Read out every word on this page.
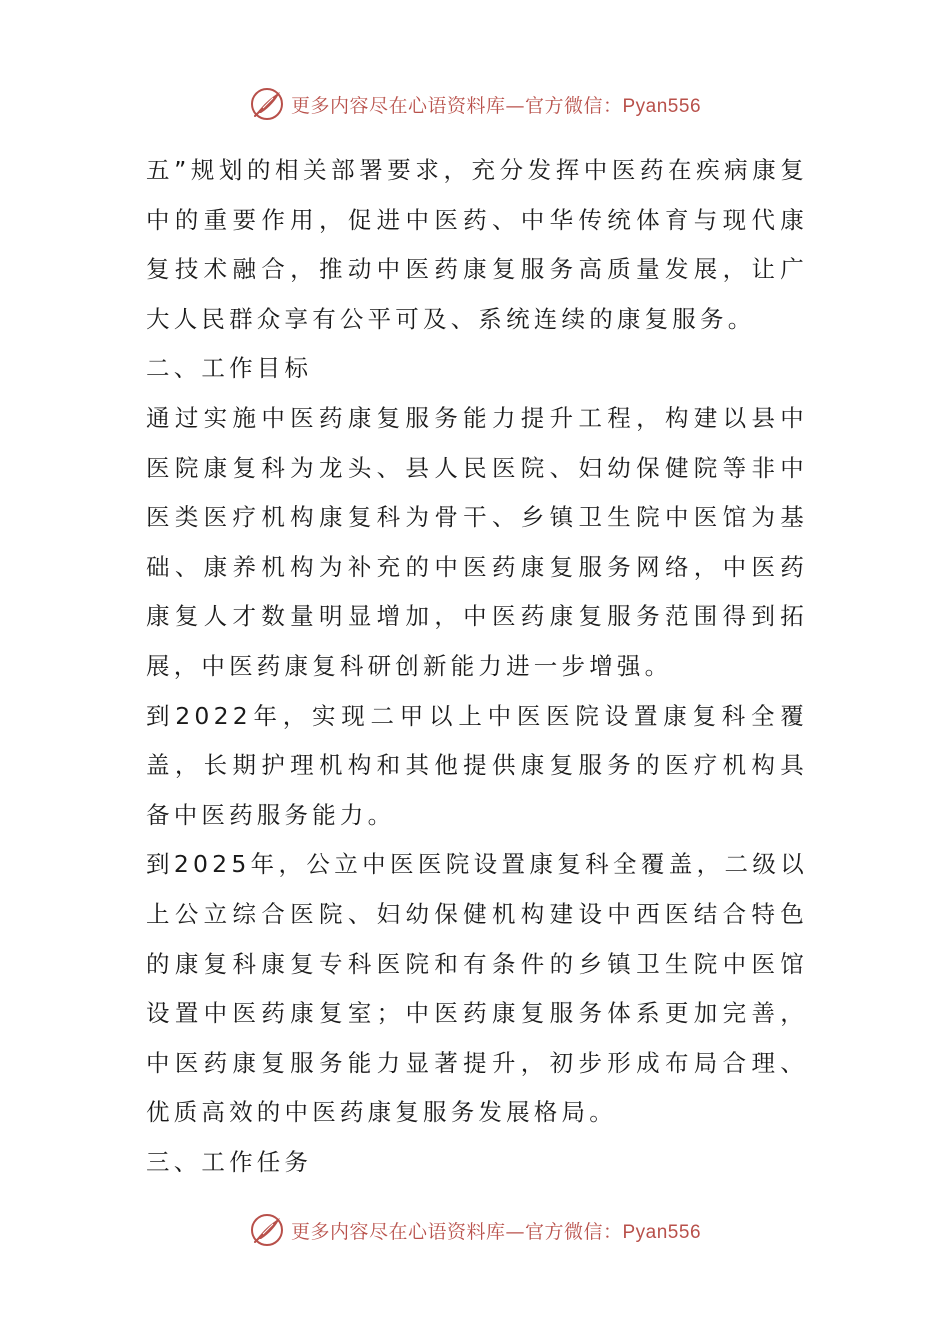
更多内容尽在心语资料库—官方微信：Pyan556

五”规划的相关部署要求，充分发挥中医药在疾病康复中的重要作用，促进中医药、中华传统体育与现代康复技术融合，推动中医药康复服务高质量发展，让广大人民群众享有公平可及、系统连续的康复服务。

二、工作目标

通过实施中医药康复服务能力提升工程，构建以县中医院康复科为龙头、县人民医院、妇幼保健院等非中医类医疗机构康复科为骨干、乡镇卫生院中医馆为基础、康养机构为补充的中医药康复服务网络，中医药康复人才数量明显增加，中医药康复服务范围得到拓展，中医药康复科研创新能力进一步增强。

到2022年，实现二甲以上中医医院设置康复科全覆盖，长期护理机构和其他提供康复服务的医疗机构具备中医药服务能力。

到2025年，公立中医医院设置康复科全覆盖，二级以上公立综合医院、妇幼保健机构建设中西医结合特色的康复科康复专科医院和有条件的乡镇卫生院中医馆设置中医药康复室；中医药康复服务体系更加完善，中医药康复服务能力显著提升，初步形成布局合理、优质高效的中医药康复服务发展格局。

三、工作任务

更多内容尽在心语资料库—官方微信：Pyan556
